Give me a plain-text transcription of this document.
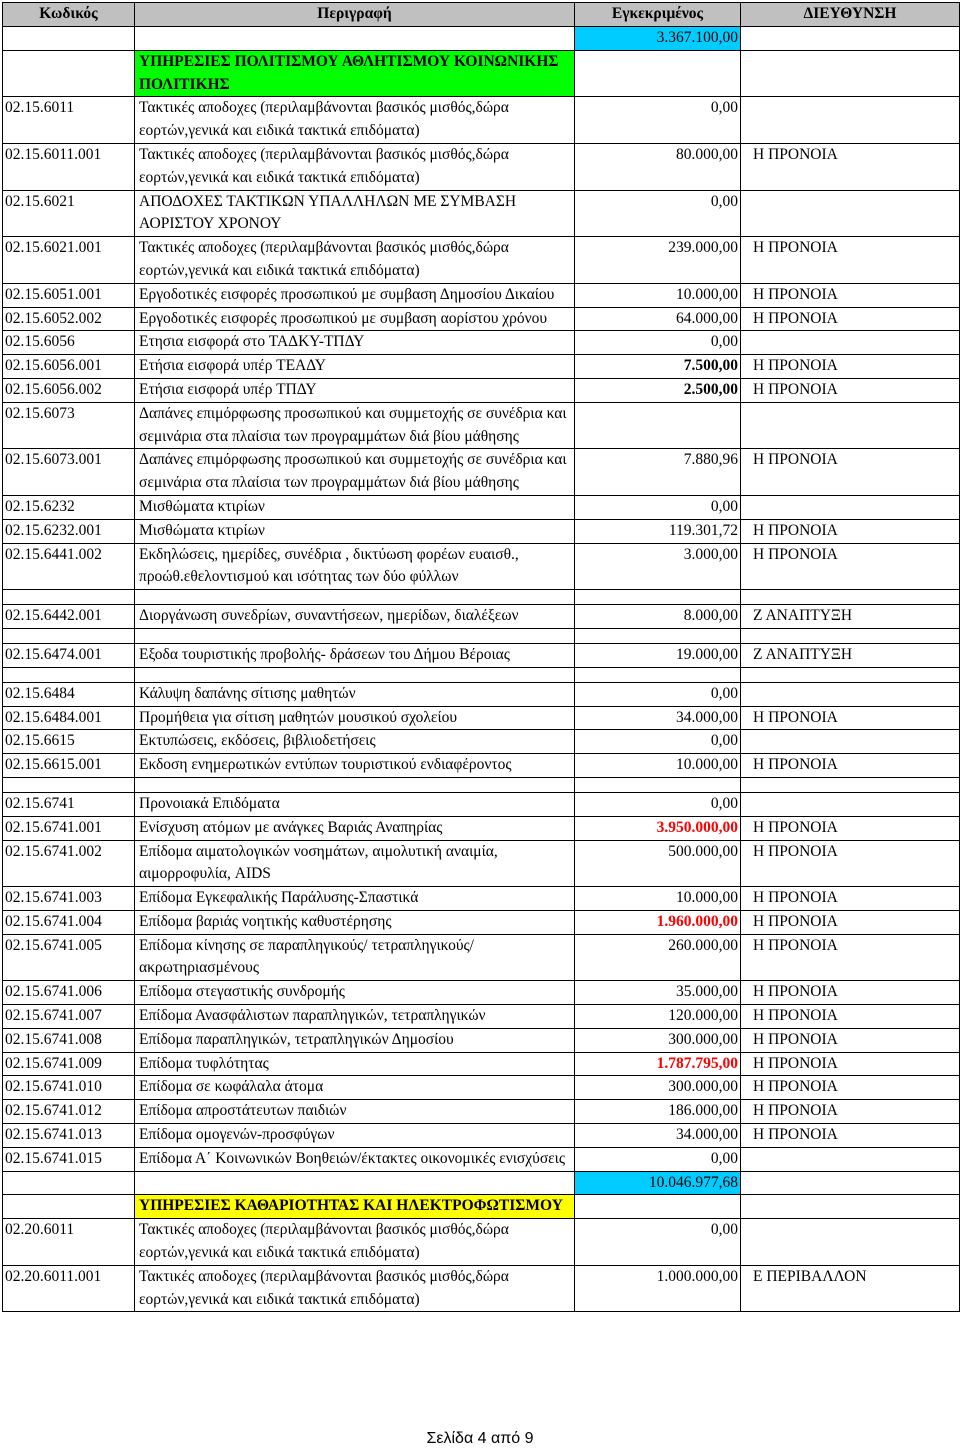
Κωδικός	Περιγραφή	Εγκεκριμένος	ΔΙΕΥΘΥΝΣΗ
		3.367.100,00	
	ΥΠΗΡΕΣΙΕΣ ΠΟΛΙΤΙΣΜΟΥ ΑΘΛΗΤΙΣΜΟΥ ΚΟΙΝΩΝΙΚΗΣ ΠΟΛΙΤΙΚΗΣ		
02.15.6011	Τακτικές αποδοχες (περιλαμβάνονται βασικός μισθός,δώρα εορτών,γενικά και ειδικά τακτικά επιδόματα)	0,00	
02.15.6011.001	Τακτικές αποδοχες (περιλαμβάνονται βασικός μισθός,δώρα εορτών,γενικά και ειδικά τακτικά επιδόματα)	80.000,00	Η ΠΡΟΝΟΙΑ
02.15.6021	ΑΠΟΔΟΧΕΣ ΤΑΚΤΙΚΩΝ ΥΠΑΛΛΗΛΩΝ ΜΕ ΣΥΜΒΑΣΗ ΑΟΡΙΣΤΟΥ ΧΡΟΝΟΥ	0,00	
02.15.6021.001	Τακτικές αποδοχες (περιλαμβάνονται βασικός μισθός,δώρα εορτών,γενικά και ειδικά τακτικά επιδόματα)	239.000,00	Η ΠΡΟΝΟΙΑ
02.15.6051.001	Εργοδοτικές εισφορές προσωπικού με συμβαση Δημοσίου Δικαίου	10.000,00	Η ΠΡΟΝΟΙΑ
02.15.6052.002	Εργοδοτικές εισφορές προσωπικού με συμβαση αορίστου χρόνου	64.000,00	Η ΠΡΟΝΟΙΑ
02.15.6056	Ετησια εισφορά στο ΤΑΔΚΥ-ΤΠΔΥ	0,00	
02.15.6056.001	Ετήσια εισφορά υπέρ ΤΕΑΔΥ	7.500,00	Η ΠΡΟΝΟΙΑ
02.15.6056.002	Ετήσια εισφορά υπέρ ΤΠΔΥ	2.500,00	Η ΠΡΟΝΟΙΑ
02.15.6073	Δαπάνες επιμόρφωσης προσωπικού και συμμετοχής σε συνέδρια και σεμινάρια στα πλαίσια των προγραμμάτων διά βίου μάθησης		
02.15.6073.001	Δαπάνες επιμόρφωσης προσωπικού και συμμετοχής σε συνέδρια και σεμινάρια στα πλαίσια των προγραμμάτων διά βίου μάθησης	7.880,96	Η ΠΡΟΝΟΙΑ
02.15.6232	Μισθώματα κτιρίων	0,00	
02.15.6232.001	Μισθώματα κτιρίων	119.301,72	Η ΠΡΟΝΟΙΑ
02.15.6441.002	Εκδηλώσεις, ημερίδες, συνέδρια , δικτύωση φορέων ευαισθ., προώθ.εθελοντισμού και ισότητας των δύο φύλλων	3.000,00	Η ΠΡΟΝΟΙΑ

02.15.6442.001	Διοργάνωση συνεδρίων, συναντήσεων, ημερίδων, διαλέξεων	8.000,00	Ζ ΑΝΑΠΤΥΞΗ

02.15.6474.001	Εξοδα τουριστικής προβολής- δράσεων του Δήμου Βέροιας	19.000,00	Ζ ΑΝΑΠΤΥΞΗ

02.15.6484	Κάλυψη δαπάνης σίτισης μαθητών	0,00	
02.15.6484.001	Προμήθεια για σίτιση μαθητών μουσικού σχολείου	34.000,00	Η ΠΡΟΝΟΙΑ
02.15.6615	Εκτυπώσεις, εκδόσεις, βιβλιοδετήσεις	0,00	
02.15.6615.001	Εκδοση ενημερωτικών εντύπων τουριστικού ενδιαφέροντος	10.000,00	Η ΠΡΟΝΟΙΑ

02.15.6741	Προνοιακά Επιδόματα	0,00	
02.15.6741.001	Ενίσχυση ατόμων με ανάγκες Βαριάς Αναπηρίας	3.950.000,00	Η ΠΡΟΝΟΙΑ
02.15.6741.002	Επίδομα αιματολογικών νοσημάτων, αιμολυτική αναιμία, αιμορροφυλία, AIDS	500.000,00	Η ΠΡΟΝΟΙΑ
02.15.6741.003	Επίδομα Εγκεφαλικής Παράλυσης-Σπαστικά	10.000,00	Η ΠΡΟΝΟΙΑ
02.15.6741.004	Επίδομα βαριάς νοητικής καθυστέρησης	1.960.000,00	Η ΠΡΟΝΟΙΑ
02.15.6741.005	Επίδομα κίνησης σε παραπληγικούς/ τετραπληγικούς/ ακρωτηριασμένους	260.000,00	Η ΠΡΟΝΟΙΑ
02.15.6741.006	Επίδομα στεγαστικής συνδρομής	35.000,00	Η ΠΡΟΝΟΙΑ
02.15.6741.007	Επίδομα Ανασφάλιστων παραπληγικών, τετραπληγικών	120.000,00	Η ΠΡΟΝΟΙΑ
02.15.6741.008	Επίδομα παραπληγικών, τετραπληγικών Δημοσίου	300.000,00	Η ΠΡΟΝΟΙΑ
02.15.6741.009	Επίδομα τυφλότητας	1.787.795,00	Η ΠΡΟΝΟΙΑ
02.15.6741.010	Επίδομα σε κωφάλαλα άτομα	300.000,00	Η ΠΡΟΝΟΙΑ
02.15.6741.012	Επίδομα απροστάτευτων παιδιών	186.000,00	Η ΠΡΟΝΟΙΑ
02.15.6741.013	Επίδομα ομογενών-προσφύγων	34.000,00	Η ΠΡΟΝΟΙΑ
02.15.6741.015	Επίδομα Α΄ Κοινωνικών Βοηθειών/έκτακτες οικονομικές ενισχύσεις	0,00	
		10.046.977,68	
	ΥΠΗΡΕΣΙΕΣ ΚΑΘΑΡΙΟΤΗΤΑΣ ΚΑΙ ΗΛΕΚΤΡΟΦΩΤΙΣΜΟΥ		
02.20.6011	Τακτικές αποδοχες (περιλαμβάνονται βασικός μισθός,δώρα εορτών,γενικά και ειδικά τακτικά επιδόματα)	0,00	
02.20.6011.001	Τακτικές αποδοχες (περιλαμβάνονται βασικός μισθός,δώρα εορτών,γενικά και ειδικά τακτικά επιδόματα)	1.000.000,00	Ε ΠΕΡΙΒΑΛΛΟΝ
Σελίδα 4 από 9
